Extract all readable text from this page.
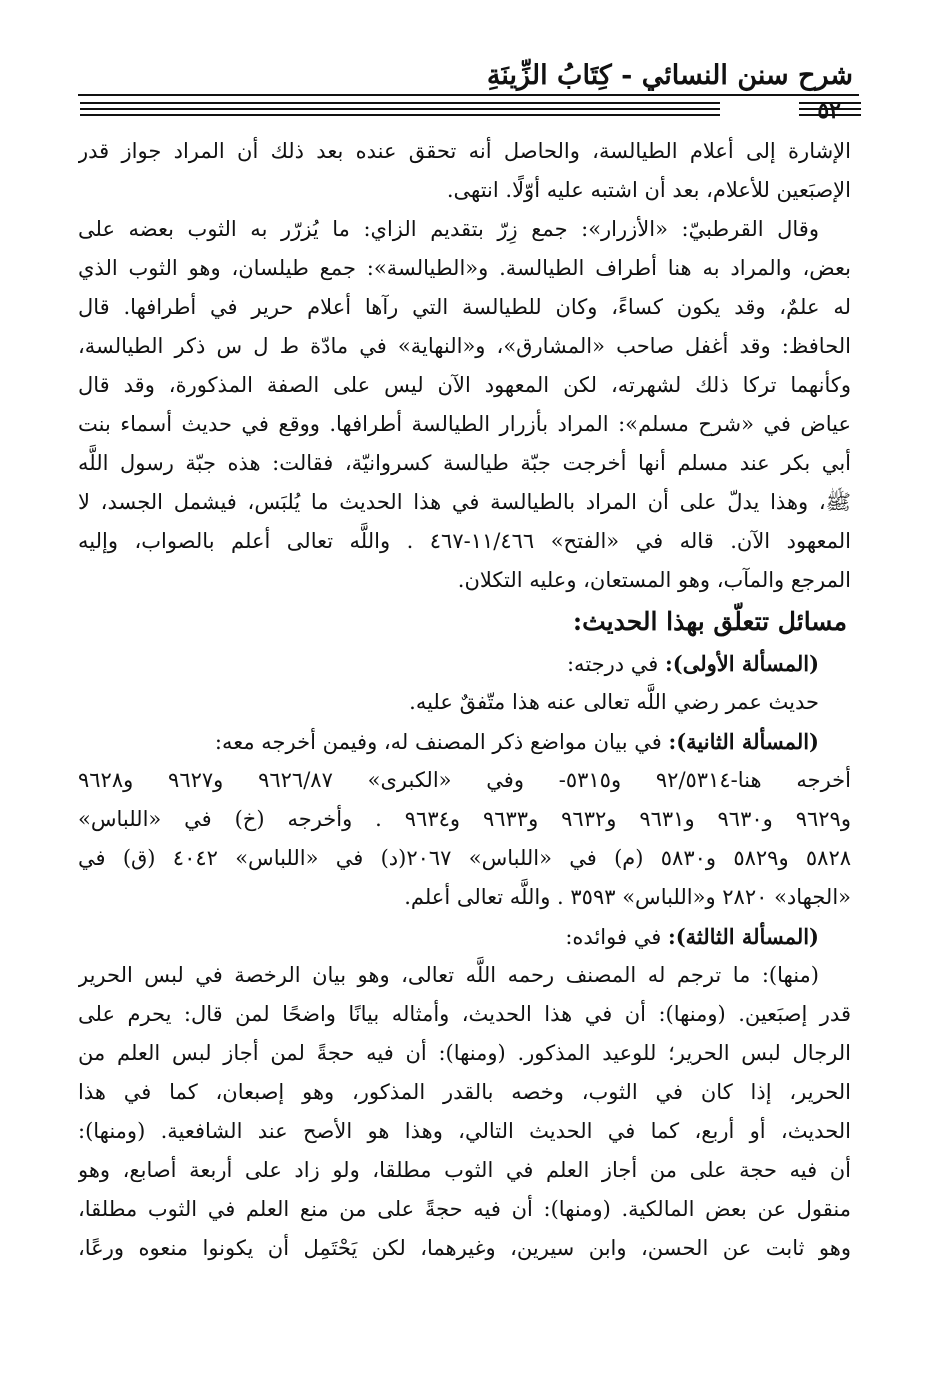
شرح سنن النسائي - كِتَابُ الزِّينَةِ
٥٢
الإشارة إلى أعلام الطيالسة، والحاصل أنه تحقق عنده بعد ذلك أن المراد جواز قدر
الإصبَعين للأعلام، بعد أن اشتبه عليه أوّلًا. انتهى.
وقال القرطبيّ: «الأزرار»: جمع زِرّ بتقديم الزاي: ما يُزرّر به الثوب بعضه على
بعض، والمراد به هنا أطراف الطيالسة. و«الطيالسة»: جمع طيلسان، وهو الثوب الذي
له علمٌ، وقد يكون كساءً، وكان للطيالسة التي رآها أعلام حرير في أطرافها. قال
الحافظ: وقد أغفل صاحب «المشارق»، و«النهاية» في مادّة ط ل س ذكر الطيالسة،
وكأنهما تركا ذلك لشهرته، لكن المعهود الآن ليس على الصفة المذكورة، وقد قال
عياض في «شرح مسلم»: المراد بأزرار الطيالسة أطرافها. ووقع في حديث أسماء بنت
أبي بكر عند مسلم أنها أخرجت جبّة طيالسة كسروانيّة، فقالت: هذه جبّة رسول اللَّه
ﷺ، وهذا يدلّ على أن المراد بالطيالسة في هذا الحديث ما يُلبَس، فيشمل الجسد، لا
المعهود الآن. قاله في «الفتح» ١١/٤٦٦-٤٦٧ . واللَّه تعالى أعلم بالصواب، وإليه
المرجع والمآب، وهو المستعان، وعليه التكلان.
مسائل تتعلّق بهذا الحديث:
(المسألة الأولى): في درجته:
حديث عمر رضي اللَّه تعالى عنه هذا متّفقٌ عليه.
(المسألة الثانية): في بيان مواضع ذكر المصنف له، وفيمن أخرجه معه:
أخرجه هنا-٩٢/٥٣١٤ و٥٣١٥- وفي «الكبرى» ٩٦٢٦/٨٧ و٩٦٢٧ و٩٦٢٨
و٩٦٢٩ و٩٦٣٠ و٩٦٣١ و٩٦٣٢ و٩٦٣٣ و٩٦٣٤ . وأخرجه (خ) في «اللباس»
٥٨٢٨ و٥٨٢٩ و٥٨٣٠ (م) في «اللباس» ٢٠٦٧(د) في «اللباس» ٤٠٤٢ (ق) في
«الجهاد» ٢٨٢٠ و«اللباس» ٣٥٩٣ . واللَّه تعالى أعلم.
(المسألة الثالثة): في فوائده:
(منها): ما ترجم له المصنف رحمه اللَّه تعالى، وهو بيان الرخصة في لبس الحرير
قدر إصبَعين. (ومنها): أن في هذا الحديث، وأمثاله بيانًا واضحًا لمن قال: يحرم على
الرجال لبس الحرير؛ للوعيد المذكور. (ومنها): أن فيه حجةً لمن أجاز لبس العلم من
الحرير، إذا كان في الثوب، وخصه بالقدر المذكور، وهو إصبعان، كما في هذا
الحديث، أو أربع، كما في الحديث التالي، وهذا هو الأصح عند الشافعية. (ومنها):
أن فيه حجة على من أجاز العلم في الثوب مطلقا، ولو زاد على أربعة أصابع، وهو
منقول عن بعض المالكية. (ومنها): أن فيه حجةً على من منع العلم في الثوب مطلقا،
وهو ثابت عن الحسن، وابن سيرين، وغيرهما، لكن يَحْتَمِل أن يكونوا منعوه ورعًا،
